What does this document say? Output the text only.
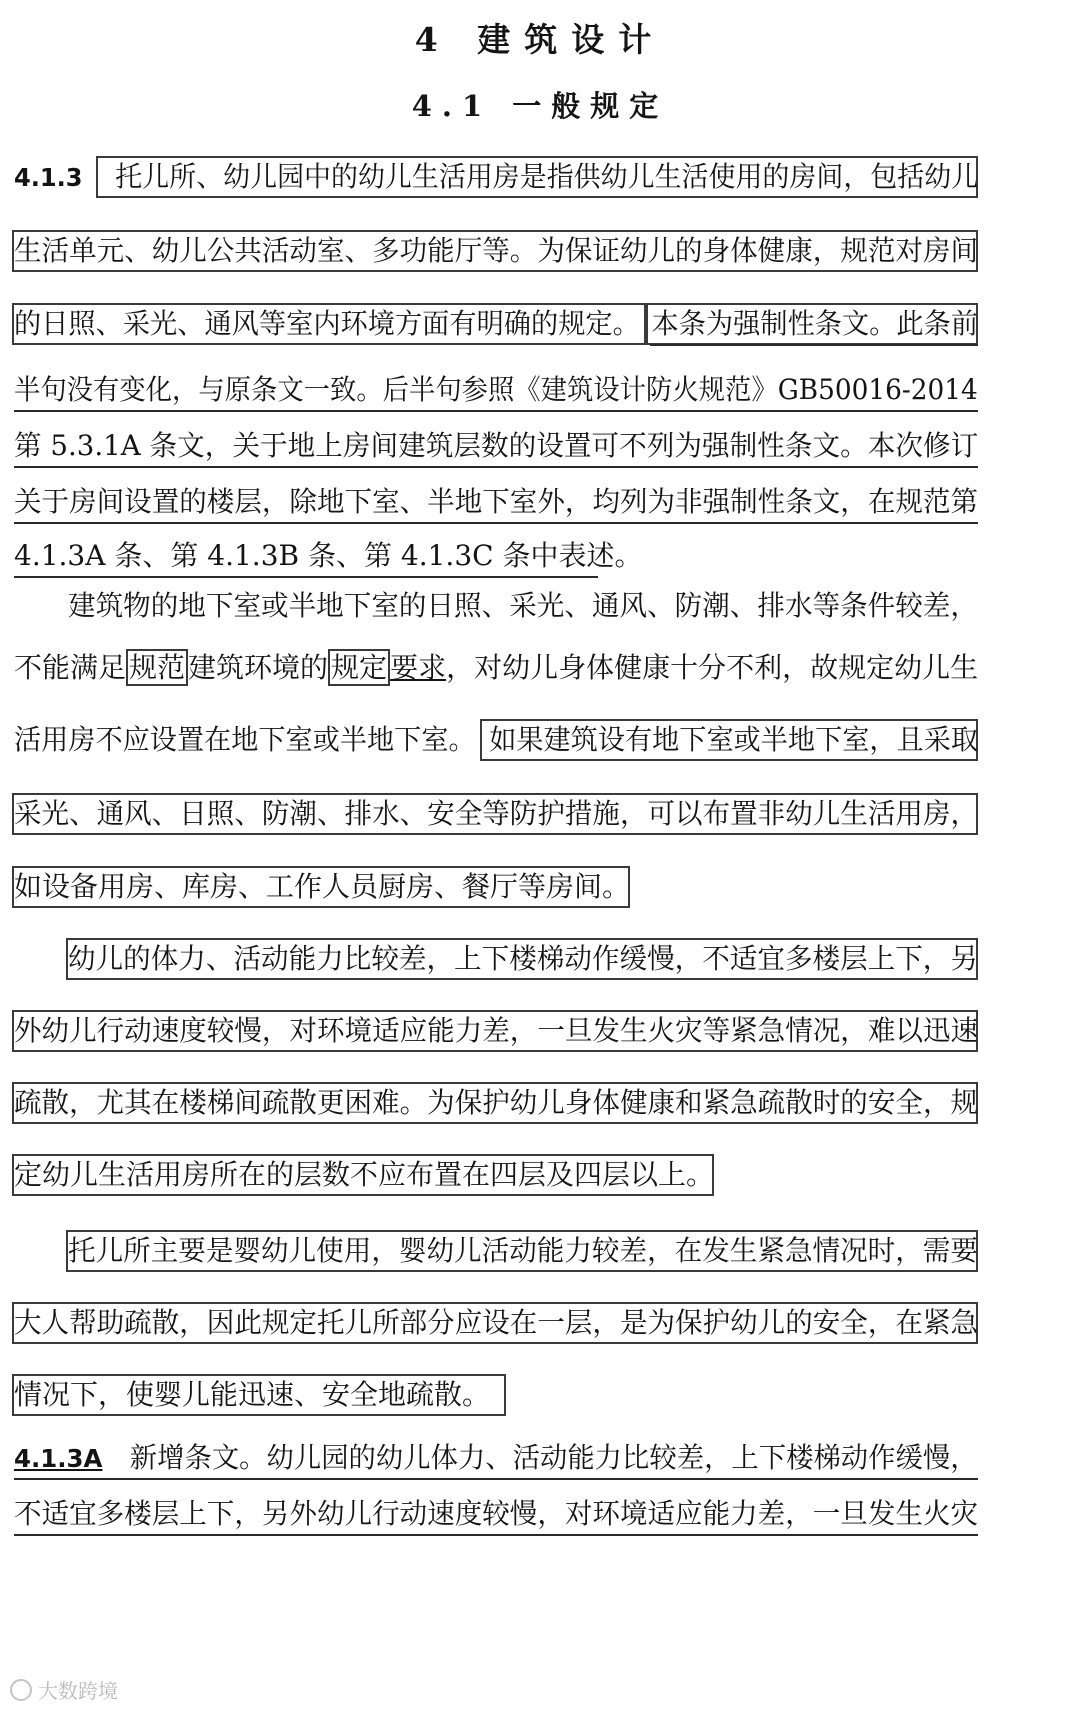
4 建筑设计
4.1 一般规定
4.1.3 托儿所、幼儿园中的幼儿生活用房是指供幼儿生活使用的房间，包括幼儿
生活单元、幼儿公共活动室、多功能厅等。为保证幼儿的身体健康，规范对房间
的日照、采光、通风等室内环境方面有明确的规定。 本条为强制性条文。此条前
半句没有变化，与原条文一致。后半句参照《建筑设计防火规范》GB50016-2014
第 5.3.1A 条文，关于地上房间建筑层数的设置可不列为强制性条文。本次修订
关于房间设置的楼层，除地下室、半地下室外，均列为非强制性条文，在规范第
4.1.3A 条、第 4.1.3B 条、第 4.1.3C 条中表述。
建筑物的地下室或半地下室的日照、采光、通风、防潮、排水等条件较差，
不能满足 规范 建筑环境的 规定 要求，对幼儿身体健康十分不利，故规定幼儿生
活用房不应设置在地下室或半地下室。 如果建筑设有地下室或半地下室，且采取
采光、通风、日照、防潮、排水、安全等防护措施，可以布置非幼儿生活用房，
如设备用房、库房、工作人员厨房、餐厅等房间。
幼儿的体力、活动能力比较差，上下楼梯动作缓慢，不适宜多楼层上下，另
外幼儿行动速度较慢，对环境适应能力差，一旦发生火灾等紧急情况，难以迅速
疏散，尤其在楼梯间疏散更困难。为保护幼儿身体健康和紧急疏散时的安全，规
定幼儿生活用房所在的层数不应布置在四层及四层以上。
托儿所主要是婴幼儿使用，婴幼儿活动能力较差，在发生紧急情况时，需要
大人帮助疏散，因此规定托儿所部分应设在一层，是为保护幼儿的安全，在紧急
情况下，使婴儿能迅速、安全地疏散。
4.1.3A 新增条文。幼儿园的幼儿体力、活动能力比较差，上下楼梯动作缓慢，
不适宜多楼层上下，另外幼儿行动速度较慢，对环境适应能力差，一旦发生火灾
大数跨境
